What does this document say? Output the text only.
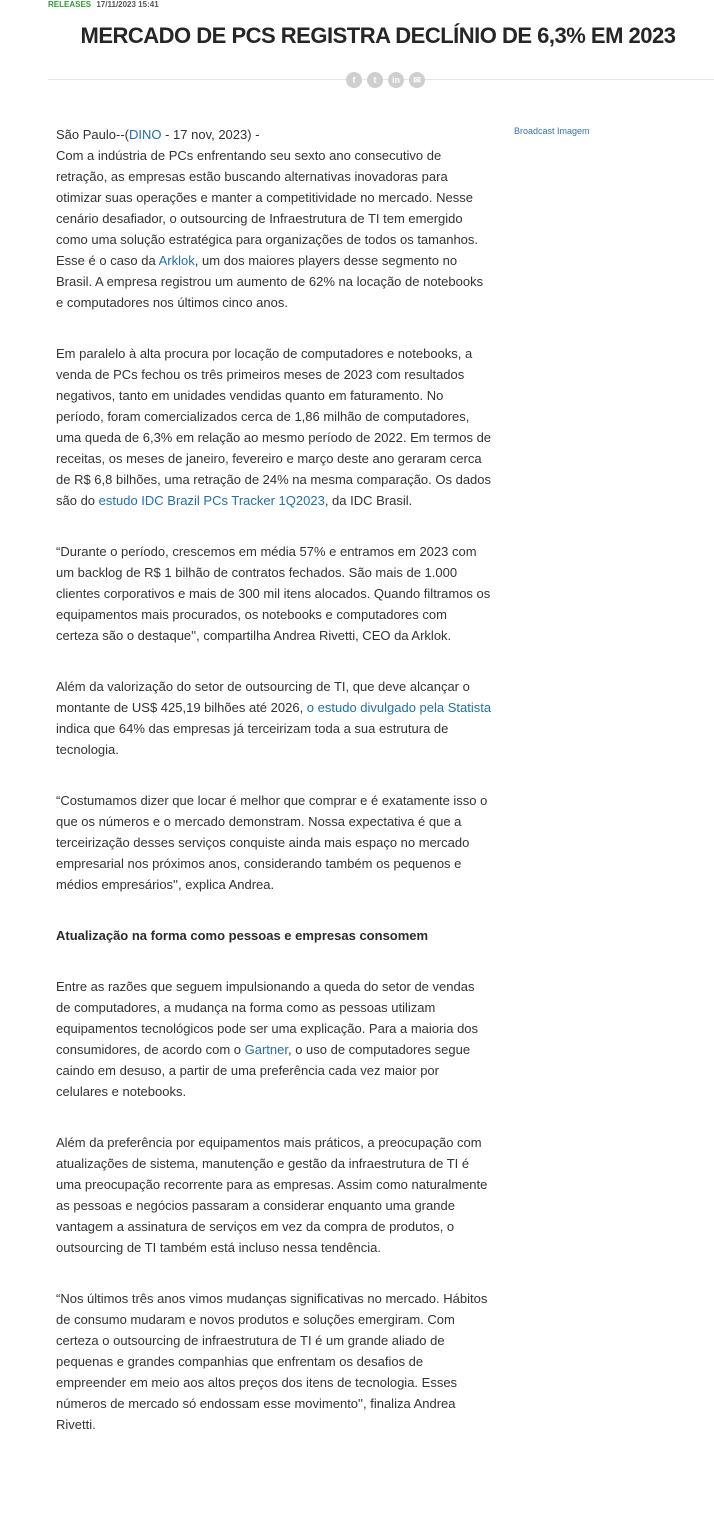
RELEASES 17/11/2023 15:41
MERCADO DE PCS REGISTRA DECLÍNIO DE 6,3% EM 2023
f	t	in	✉
Broadcast Imagem

São Paulo--(DINO - 17 nov, 2023) -
Com a indústria de PCs enfrentando seu sexto ano consecutivo de retração, as empresas estão buscando alternativas inovadoras para otimizar suas operações e manter a competitividade no mercado. Nesse cenário desafiador, o outsourcing de Infraestrutura de TI tem emergido como uma solução estratégica para organizações de todos os tamanhos. Esse é o caso da Arklok, um dos maiores players desse segmento no Brasil. A empresa registrou um aumento de 62% na locação de notebooks e computadores nos últimos cinco anos.

Em paralelo à alta procura por locação de computadores e notebooks, a venda de PCs fechou os três primeiros meses de 2023 com resultados negativos, tanto em unidades vendidas quanto em faturamento. No período, foram comercializados cerca de 1,86 milhão de computadores, uma queda de 6,3% em relação ao mesmo período de 2022. Em termos de receitas, os meses de janeiro, fevereiro e março deste ano geraram cerca de R$ 6,8 bilhões, uma retração de 24% na mesma comparação. Os dados são do estudo IDC Brazil PCs Tracker 1Q2023, da IDC Brasil.

“Durante o período, crescemos em média 57% e entramos em 2023 com um backlog de R$ 1 bilhão de contratos fechados. São mais de 1.000 clientes corporativos e mais de 300 mil itens alocados. Quando filtramos os equipamentos mais procurados, os notebooks e computadores com certeza são o destaque'', compartilha Andrea Rivetti, CEO da Arklok.

Além da valorização do setor de outsourcing de TI, que deve alcançar o montante de US$ 425,19 bilhões até 2026, o estudo divulgado pela Statista indica que 64% das empresas já terceirizam toda a sua estrutura de tecnologia.

“Costumamos dizer que locar é melhor que comprar e é exatamente isso o que os números e o mercado demonstram. Nossa expectativa é que a terceirização desses serviços conquiste ainda mais espaço no mercado empresarial nos próximos anos, considerando também os pequenos e médios empresários'', explica Andrea.

Atualização na forma como pessoas e empresas consomem

Entre as razões que seguem impulsionando a queda do setor de vendas de computadores, a mudança na forma como as pessoas utilizam equipamentos tecnológicos pode ser uma explicação. Para a maioria dos consumidores, de acordo com o Gartner, o uso de computadores segue caindo em desuso, a partir de uma preferência cada vez maior por celulares e notebooks.

Além da preferência por equipamentos mais práticos, a preocupação com atualizações de sistema, manutenção e gestão da infraestrutura de TI é uma preocupação recorrente para as empresas. Assim como naturalmente as pessoas e negócios passaram a considerar enquanto uma grande vantagem a assinatura de serviços em vez da compra de produtos, o outsourcing de TI também está incluso nessa tendência.

“Nos últimos três anos vimos mudanças significativas no mercado. Hábitos de consumo mudaram e novos produtos e soluções emergiram. Com certeza o outsourcing de infraestrutura de TI é um grande aliado de pequenas e grandes companhias que enfrentam os desafios de empreender em meio aos altos preços dos itens de tecnologia. Esses números de mercado só endossam esse movimento'', finaliza Andrea Rivetti.
